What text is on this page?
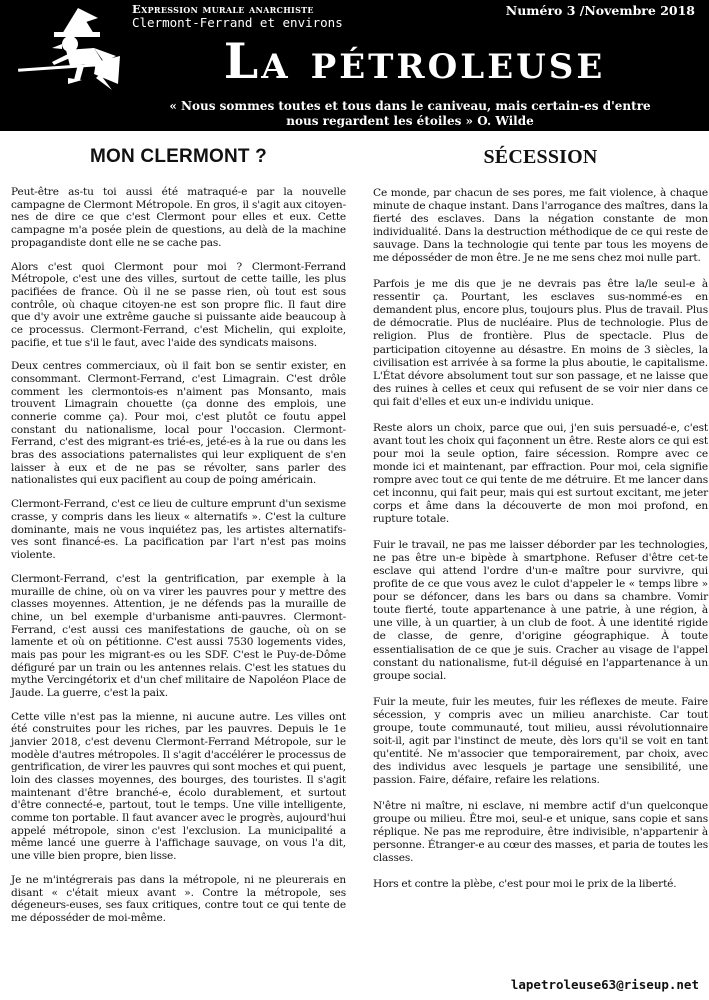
Expression murale anarchiste
Clermont-Ferrand et environs
Numéro 3 /Novembre 2018
La pétroleuse
« Nous sommes toutes et tous dans le caniveau, mais certain-es d'entre
nous regardent les étoiles » O. Wilde
MON CLERMONT ?

Peut-être as-tu toi aussi été matraqué-e par la nouvelle campagne de Clermont Métropole. En gros, il s'agit aux citoyen-nes de dire ce que c'est Clermont pour elles et eux. Cette campagne m'a posée plein de questions, au delà de la machine propagandiste dont elle ne se cache pas.

Alors c'est quoi Clermont pour moi ? Clermont-Ferrand Métropole, c'est une des villes, surtout de cette taille, les plus pacifiées de france. Où il ne se passe rien, où tout est sous contrôle, où chaque citoyen-ne est son propre flic. Il faut dire que d'y avoir une extrême gauche si puissante aide beaucoup à ce processus. Clermont-Ferrand, c'est Michelin, qui exploite, pacifie, et tue s'il le faut, avec l'aide des syndicats maisons.

Deux centres commerciaux, où il fait bon se sentir exister, en consommant. Clermont-Ferrand, c'est Limagrain. C'est drôle comment les clermontois-es n'aiment pas Monsanto, mais trouvent Limagrain chouette (ça donne des emplois, une connerie comme ça). Pour moi, c'est plutôt ce foutu appel constant du nationalisme, local pour l'occasion. Clermont-Ferrand, c'est des migrant-es trié-es, jeté-es à la rue ou dans les bras des associations paternalistes qui leur expliquent de s'en laisser à eux et de ne pas se révolter, sans parler des nationalistes qui eux pacifient au coup de poing américain.

Clermont-Ferrand, c'est ce lieu de culture emprunt d'un sexisme crasse, y compris dans les lieux « alternatifs ». C'est la culture dominante, mais ne vous inquiétez pas, les artistes alternatifs-ves sont financé-es. La pacification par l'art n'est pas moins violente.

Clermont-Ferrand, c'est la gentrification, par exemple à la muraille de chine, où on va virer les pauvres pour y mettre des classes moyennes. Attention, je ne défends pas la muraille de chine, un bel exemple d'urbanisme anti-pauvres. Clermont-Ferrand, c'est aussi ces manifestations de gauche, où on se lamente et où on pétitionne. C'est aussi 7530 logements vides, mais pas pour les migrant-es ou les SDF. C'est le Puy-de-Dôme défiguré par un train ou les antennes relais. C'est les statues du mythe Vercingétorix et d'un chef militaire de Napoléon Place de Jaude. La guerre, c'est la paix.

Cette ville n'est pas la mienne, ni aucune autre. Les villes ont été construites pour les riches, par les pauvres. Depuis le 1e janvier 2018, c'est devenu Clermont-Ferrand Métropole, sur le modèle d'autres métropoles. Il s'agit d'accélérer le processus de gentrification, de virer les pauvres qui sont moches et qui puent, loin des classes moyennes, des bourges, des touristes. Il s'agit maintenant d'être branché-e, écolo durablement, et surtout d'être connecté-e, partout, tout le temps. Une ville intelligente, comme ton portable. Il faut avancer avec le progrès, aujourd'hui appelé métropole, sinon c'est l'exclusion. La municipalité a même lancé une guerre à l'affichage sauvage, on vous l'a dit, une ville bien propre, bien lisse.

Je ne m'intégrerais pas dans la métropole, ni ne pleurerais en disant « c'était mieux avant ». Contre la métropole, ses dégeneurs-euses, ses faux critiques, contre tout ce qui tente de me déposséder de moi-même.

SÉCESSION

Ce monde, par chacun de ses pores, me fait violence, à chaque minute de chaque instant. Dans l'arrogance des maîtres, dans la fierté des esclaves. Dans la négation constante de mon individualité. Dans la destruction méthodique de ce qui reste de sauvage. Dans la technologie qui tente par tous les moyens de me déposséder de mon être. Je ne me sens chez moi nulle part.

Parfois je me dis que je ne devrais pas être la/le seul-e à ressentir ça. Pourtant, les esclaves sus-nommé-es en demandent plus, encore plus, toujours plus. Plus de travail. Plus de démocratie. Plus de nucléaire. Plus de technologie. Plus de religion. Plus de frontière. Plus de spectacle. Plus de participation citoyenne au désastre. En moins de 3 siècles, la civilisation est arrivée à sa forme la plus aboutie, le capitalisme. L'État dévore absolument tout sur son passage, et ne laisse que des ruines à celles et ceux qui refusent de se voir nier dans ce qui fait d'elles et eux un-e individu unique.

Reste alors un choix, parce que oui, j'en suis persuadé-e, c'est avant tout les choix qui façonnent un être. Reste alors ce qui est pour moi la seule option, faire sécession. Rompre avec ce monde ici et maintenant, par effraction. Pour moi, cela signifie rompre avec tout ce qui tente de me détruire. Et me lancer dans cet inconnu, qui fait peur, mais qui est surtout excitant, me jeter corps et âme dans la découverte de mon moi profond, en rupture totale.

Fuir le travail, ne pas me laisser déborder par les technologies, ne pas être un-e bipède à smartphone. Refuser d'être cet-te esclave qui attend l'ordre d'un-e maître pour survivre, qui profite de ce que vous avez le culot d'appeler le « temps libre » pour se défoncer, dans les bars ou dans sa chambre. Vomir toute fierté, toute appartenance à une patrie, à une région, à une ville, à un quartier, à un club de foot. À une identité rigide de classe, de genre, d'origine géographique. À toute essentialisation de ce que je suis. Cracher au visage de l'appel constant du nationalisme, fut-il déguisé en l'appartenance à un groupe social.

Fuir la meute, fuir les meutes, fuir les réflexes de meute. Faire sécession, y compris avec un milieu anarchiste. Car tout groupe, toute communauté, tout milieu, aussi révolutionnaire soit-il, agit par l'instinct de meute, dès lors qu'il se voit en tant qu'entité. Ne m'associer que temporairement, par choix, avec des individus avec lesquels je partage une sensibilité, une passion. Faire, défaire, refaire les relations.

N'être ni maître, ni esclave, ni membre actif d'un quelconque groupe ou milieu. Être moi, seul-e et unique, sans copie et sans réplique. Ne pas me reproduire, être indivisible, n'appartenir à personne. Étranger-e au cœur des masses, et paria de toutes les classes.

Hors et contre la plèbe, c'est pour moi le prix de la liberté.

lapetroleuse63@riseup.net
